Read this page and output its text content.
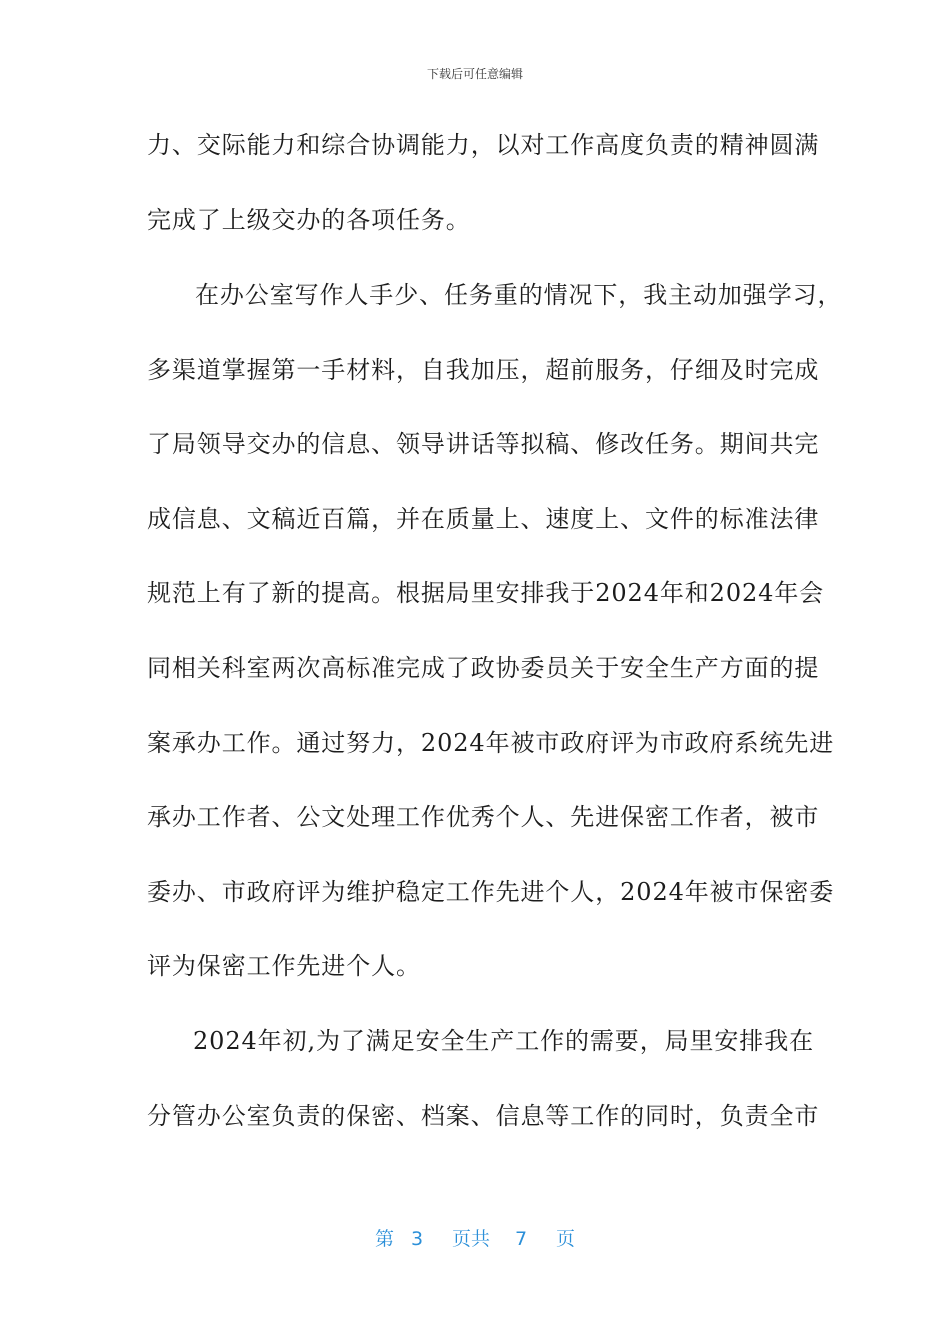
下载后可任意编辑
力、交际能力和综合协调能力，以对工作高度负责的精神圆满
完成了上级交办的各项任务。
在办公室写作人手少、任务重的情况下，我主动加强学习，
多渠道掌握第一手材料，自我加压，超前服务，仔细及时完成
了局领导交办的信息、领导讲话等拟稿、修改任务。期间共完
成信息、文稿近百篇，并在质量上、速度上、文件的标准法律
规范上有了新的提高。根据局里安排我于2024年和2024年会
同相关科室两次高标准完成了政协委员关于安全生产方面的提
案承办工作。通过努力，2024年被市政府评为市政府系统先进
承办工作者、公文处理工作优秀个人、先进保密工作者，被市
委办、市政府评为维护稳定工作先进个人，2024年被市保密委
评为保密工作先进个人。
2024年初,为了满足安全生产工作的需要，局里安排我在
分管办公室负责的保密、档案、信息等工作的同时，负责全市
第 3 页共 7 页
